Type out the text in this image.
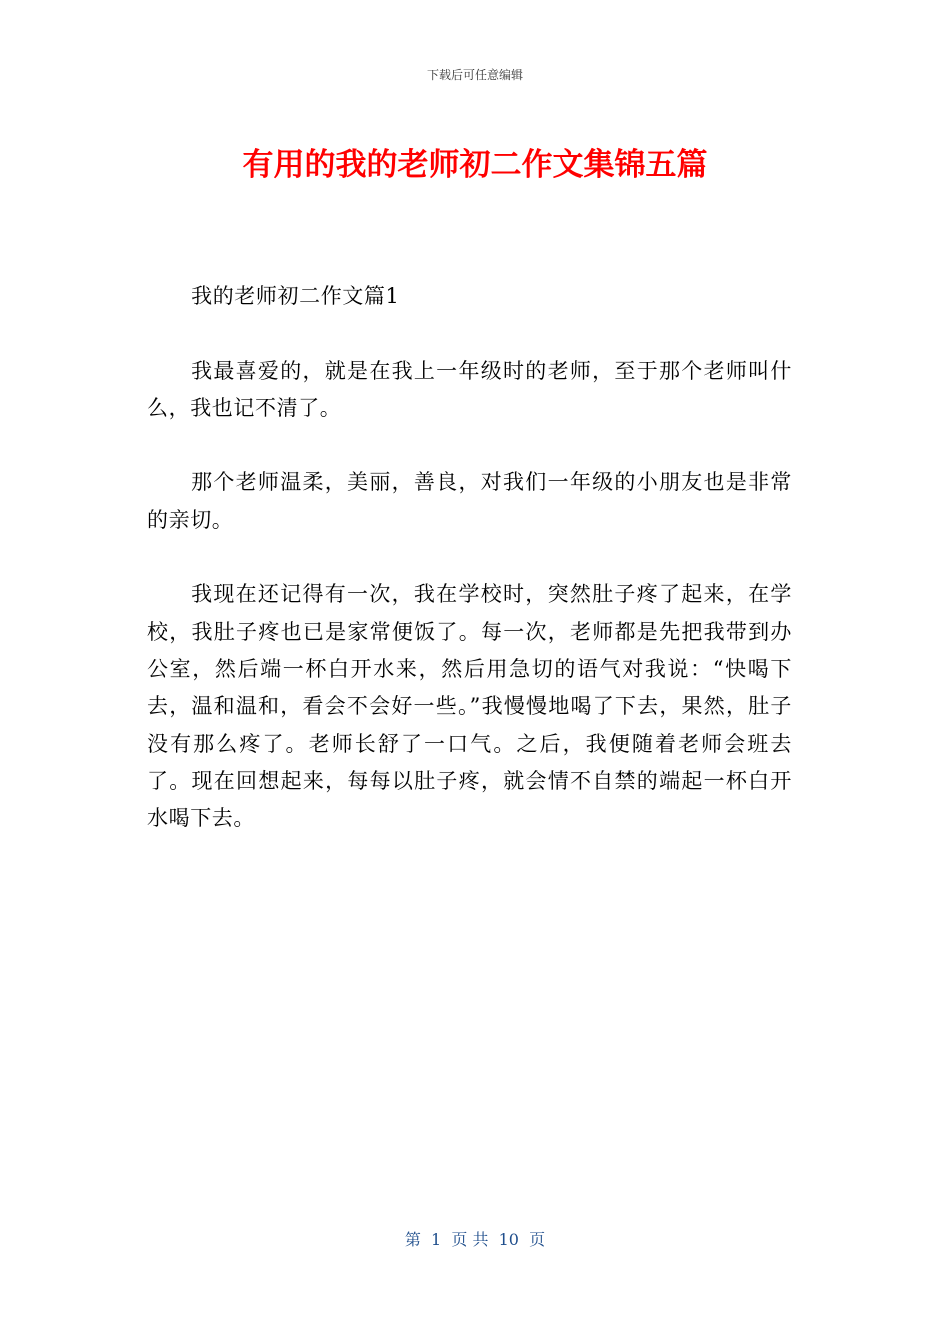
下载后可任意编辑
有用的我的老师初二作文集锦五篇

我的老师初二作文篇1

我最喜爱的，就是在我上一年级时的老师，至于那个老师叫什么，我也记不清了。

那个老师温柔，美丽，善良，对我们一年级的小朋友也是非常的亲切。

我现在还记得有一次，我在学校时，突然肚子疼了起来，在学校，我肚子疼也已是家常便饭了。每一次，老师都是先把我带到办公室，然后端一杯白开水来，然后用急切的语气对我说：“快喝下去，温和温和，看会不会好一些。”我慢慢地喝了下去，果然，肚子没有那么疼了。老师长舒了一口气。之后，我便随着老师会班去了。现在回想起来，每每以肚子疼，就会情不自禁的端起一杯白开水喝下去。

第  1  页 共  10  页
